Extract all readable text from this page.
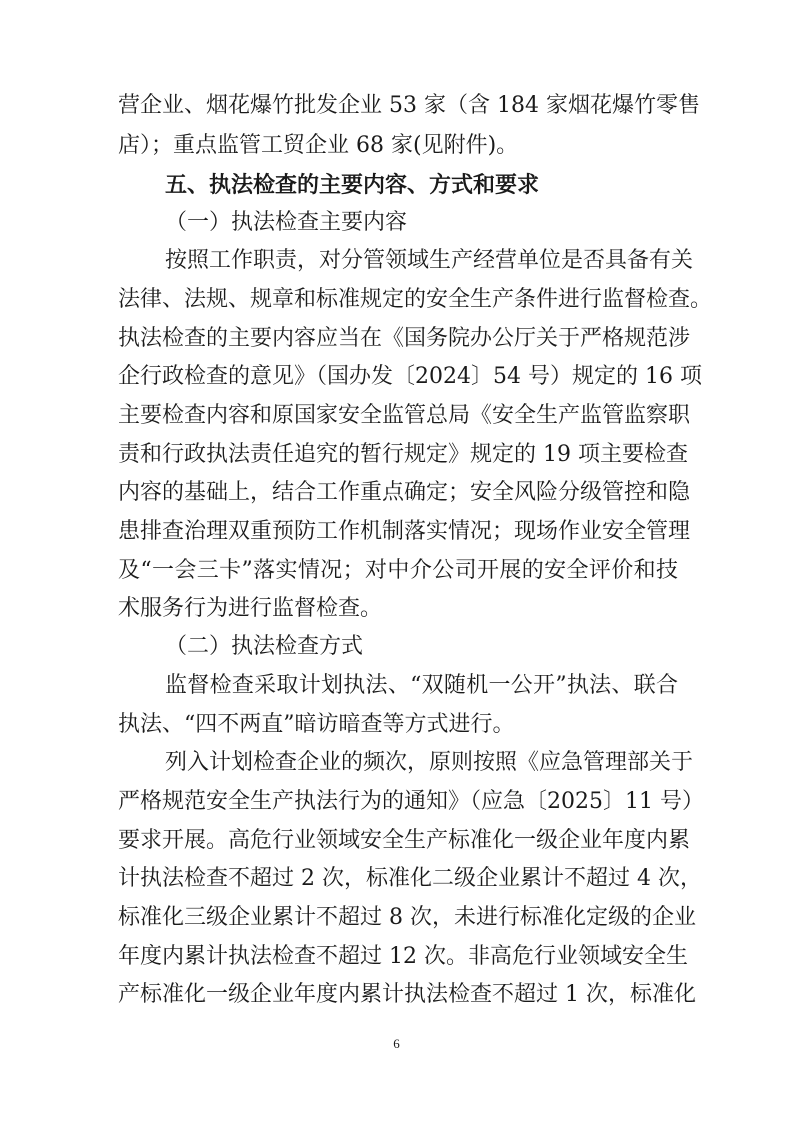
营企业、烟花爆竹批发企业 53 家（含 184 家烟花爆竹零售

店）；重点监管工贸企业 68 家(见附件)。

五、执法检查的主要内容、方式和要求

（一）执法检查主要内容

按照工作职责，对分管领域生产经营单位是否具备有关

法律、法规、规章和标准规定的安全生产条件进行监督检查。

执法检查的主要内容应当在《国务院办公厅关于严格规范涉

企行政检查的意见》（国办发〔2024〕54 号）规定的 16 项

主要检查内容和原国家安全监管总局《安全生产监管监察职

责和行政执法责任追究的暂行规定》规定的 19 项主要检查

内容的基础上，结合工作重点确定；安全风险分级管控和隐

患排查治理双重预防工作机制落实情况；现场作业安全管理

及“一会三卡”落实情况；对中介公司开展的安全评价和技

术服务行为进行监督检查。

（二）执法检查方式

监督检查采取计划执法、“双随机一公开”执法、联合

执法、“四不两直”暗访暗查等方式进行。

列入计划检查企业的频次，原则按照《应急管理部关于

严格规范安全生产执法行为的通知》（应急〔2025〕11 号）

要求开展。高危行业领域安全生产标准化一级企业年度内累

计执法检查不超过 2 次，标准化二级企业累计不超过 4 次，

标准化三级企业累计不超过 8 次，未进行标准化定级的企业

年度内累计执法检查不超过 12 次。非高危行业领域安全生

产标准化一级企业年度内累计执法检查不超过 1 次，标准化

6
